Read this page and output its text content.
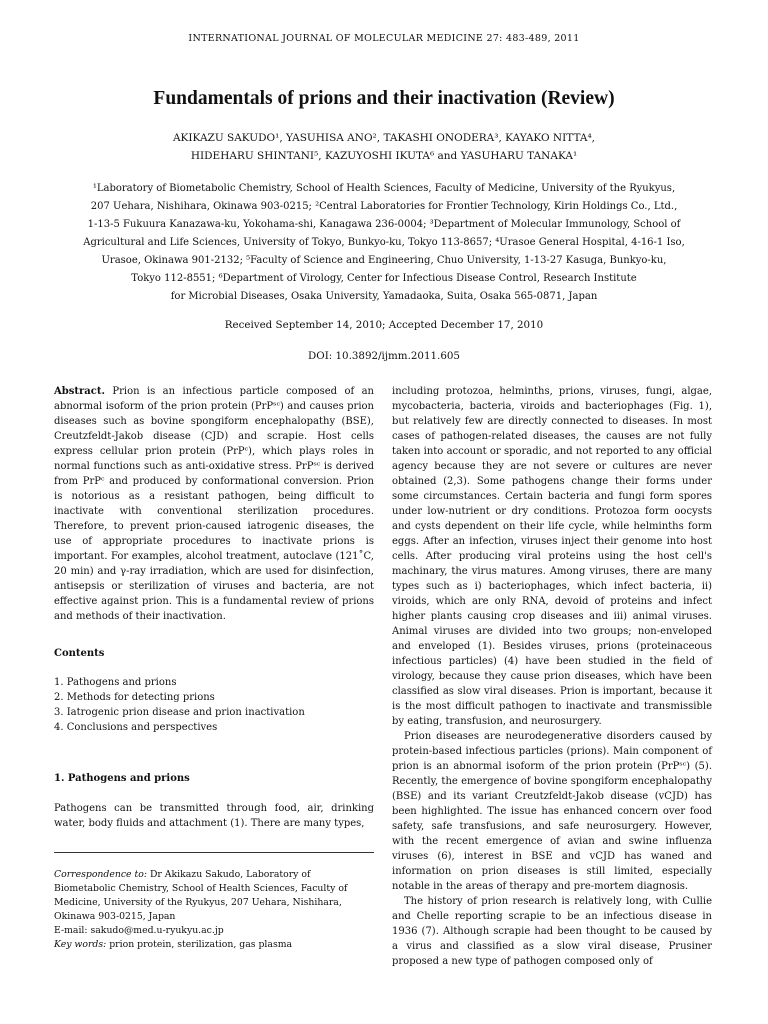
INTERNATIONAL JOURNAL OF MOLECULAR MEDICINE 27: 483-489, 2011
Fundamentals of prions and their inactivation (Review)
AKIKAZU SAKUDO¹, YASUHISA ANO², TAKASHI ONODERA³, KAYAKO NITTA⁴,
HIDEHARU SHINTANI⁵, KAZUYOSHI IKUTA⁶ and YASUHARU TANAKA¹
¹Laboratory of Biometabolic Chemistry, School of Health Sciences, Faculty of Medicine, University of the Ryukyus,
207 Uehara, Nishihara, Okinawa 903-0215; ²Central Laboratories for Frontier Technology, Kirin Holdings Co., Ltd.,
1-13-5 Fukuura Kanazawa-ku, Yokohama-shi, Kanagawa 236-0004; ³Department of Molecular Immunology, School of
Agricultural and Life Sciences, University of Tokyo, Bunkyo-ku, Tokyo 113-8657; ⁴Urasoe General Hospital, 4-16-1 Iso,
Urasoe, Okinawa 901-2132; ⁵Faculty of Science and Engineering, Chuo University, 1-13-27 Kasuga, Bunkyo-ku,
Tokyo 112-8551; ⁶Department of Virology, Center for Infectious Disease Control, Research Institute
for Microbial Diseases, Osaka University, Yamadaoka, Suita, Osaka 565-0871, Japan
Received September 14, 2010; Accepted December 17, 2010
DOI: 10.3892/ijmm.2011.605

Abstract. Prion is an infectious particle composed of an abnormal isoform of the prion protein (PrPˢᶜ) and causes prion diseases such as bovine spongiform encephalopathy (BSE), Creutzfeldt-Jakob disease (CJD) and scrapie. Host cells express cellular prion protein (PrPᶜ), which plays roles in normal functions such as anti-oxidative stress. PrPˢᶜ is derived from PrPᶜ and produced by conformational conversion. Prion is notorious as a resistant pathogen, being difficult to inactivate with conventional sterilization procedures. Therefore, to prevent prion-caused iatrogenic diseases, the use of appropriate procedures to inactivate prions is important. For examples, alcohol treatment, autoclave (121˚C, 20 min) and γ-ray irradiation, which are used for disinfection, antisepsis or sterilization of viruses and bacteria, are not effective against prion. This is a fundamental review of prions and methods of their inactivation.

Contents

1. Pathogens and prions
2. Methods for detecting prions
3. Iatrogenic prion disease and prion inactivation
4. Conclusions and perspectives

1. Pathogens and prions

Pathogens can be transmitted through food, air, drinking water, body fluids and attachment (1). There are many types,

Correspondence to: Dr Akikazu Sakudo, Laboratory of Biometabolic Chemistry, School of Health Sciences, Faculty of Medicine, University of the Ryukyus, 207 Uehara, Nishihara, Okinawa 903-0215, Japan
E-mail: sakudo@med.u-ryukyu.ac.jp
Key words: prion protein, sterilization, gas plasma

including protozoa, helminths, prions, viruses, fungi, algae, mycobacteria, bacteria, viroids and bacteriophages (Fig. 1), but relatively few are directly connected to diseases. In most cases of pathogen-related diseases, the causes are not fully taken into account or sporadic, and not reported to any official agency because they are not severe or cultures are never obtained (2,3). Some pathogens change their forms under some circumstances. Certain bacteria and fungi form spores under low-nutrient or dry conditions. Protozoa form oocysts and cysts dependent on their life cycle, while helminths form eggs. After an infection, viruses inject their genome into host cells. After producing viral proteins using the host cell's machinary, the virus matures. Among viruses, there are many types such as i) bacteriophages, which infect bacteria, ii) viroids, which are only RNA, devoid of proteins and infect higher plants causing crop diseases and iii) animal viruses. Animal viruses are divided into two groups; non-enveloped and enveloped (1). Besides viruses, prions (proteinaceous infectious particles) (4) have been studied in the field of virology, because they cause prion diseases, which have been classified as slow viral diseases. Prion is important, because it is the most difficult pathogen to inactivate and transmissible by eating, transfusion, and neurosurgery.

Prion diseases are neurodegenerative disorders caused by protein-based infectious particles (prions). Main component of prion is an abnormal isoform of the prion protein (PrPˢᶜ) (5). Recently, the emergence of bovine spongiform encephalopathy (BSE) and its variant Creutzfeldt-Jakob disease (vCJD) has been highlighted. The issue has enhanced concern over food safety, safe transfusions, and safe neurosurgery. However, with the recent emergence of avian and swine influenza viruses (6), interest in BSE and vCJD has waned and information on prion diseases is still limited, especially notable in the areas of therapy and pre-mortem diagnosis.

The history of prion research is relatively long, with Cullie and Chelle reporting scrapie to be an infectious disease in 1936 (7). Although scrapie had been thought to be caused by a virus and classified as a slow viral disease, Prusiner proposed a new type of pathogen composed only of
